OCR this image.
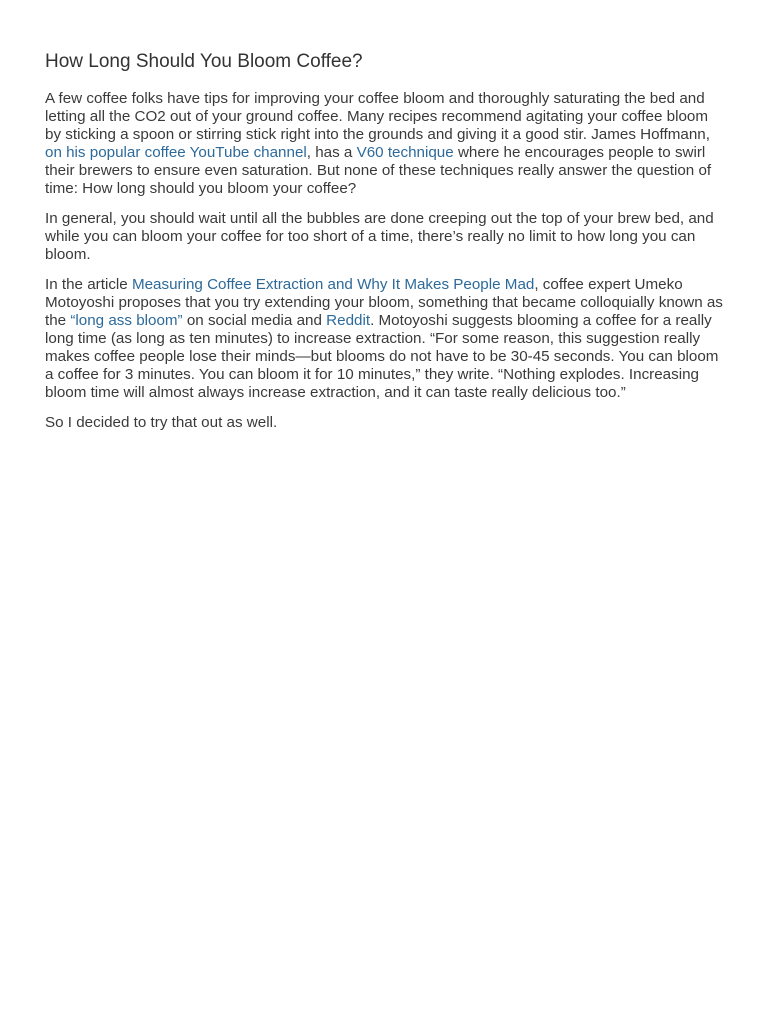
How Long Should You Bloom Coffee?

A few coffee folks have tips for improving your coffee bloom and thoroughly saturating the bed and letting all the CO2 out of your ground coffee. Many recipes recommend agitating your coffee bloom by sticking a spoon or stirring stick right into the grounds and giving it a good stir. James Hoffmann, on his popular coffee YouTube channel, has a V60 technique where he encourages people to swirl their brewers to ensure even saturation. But none of these techniques really answer the question of time: How long should you bloom your coffee?

In general, you should wait until all the bubbles are done creeping out the top of your brew bed, and while you can bloom your coffee for too short of a time, there’s really no limit to how long you can bloom.

In the article Measuring Coffee Extraction and Why It Makes People Mad, coffee expert Umeko Motoyoshi proposes that you try extending your bloom, something that became colloquially known as the “long ass bloom” on social media and Reddit. Motoyoshi suggests blooming a coffee for a really long time (as long as ten minutes) to increase extraction. “For some reason, this suggestion really makes coffee people lose their minds—but blooms do not have to be 30-45 seconds. You can bloom a coffee for 3 minutes. You can bloom it for 10 minutes,” they write. “Nothing explodes. Increasing bloom time will almost always increase extraction, and it can taste really delicious too.”

So I decided to try that out as well.
